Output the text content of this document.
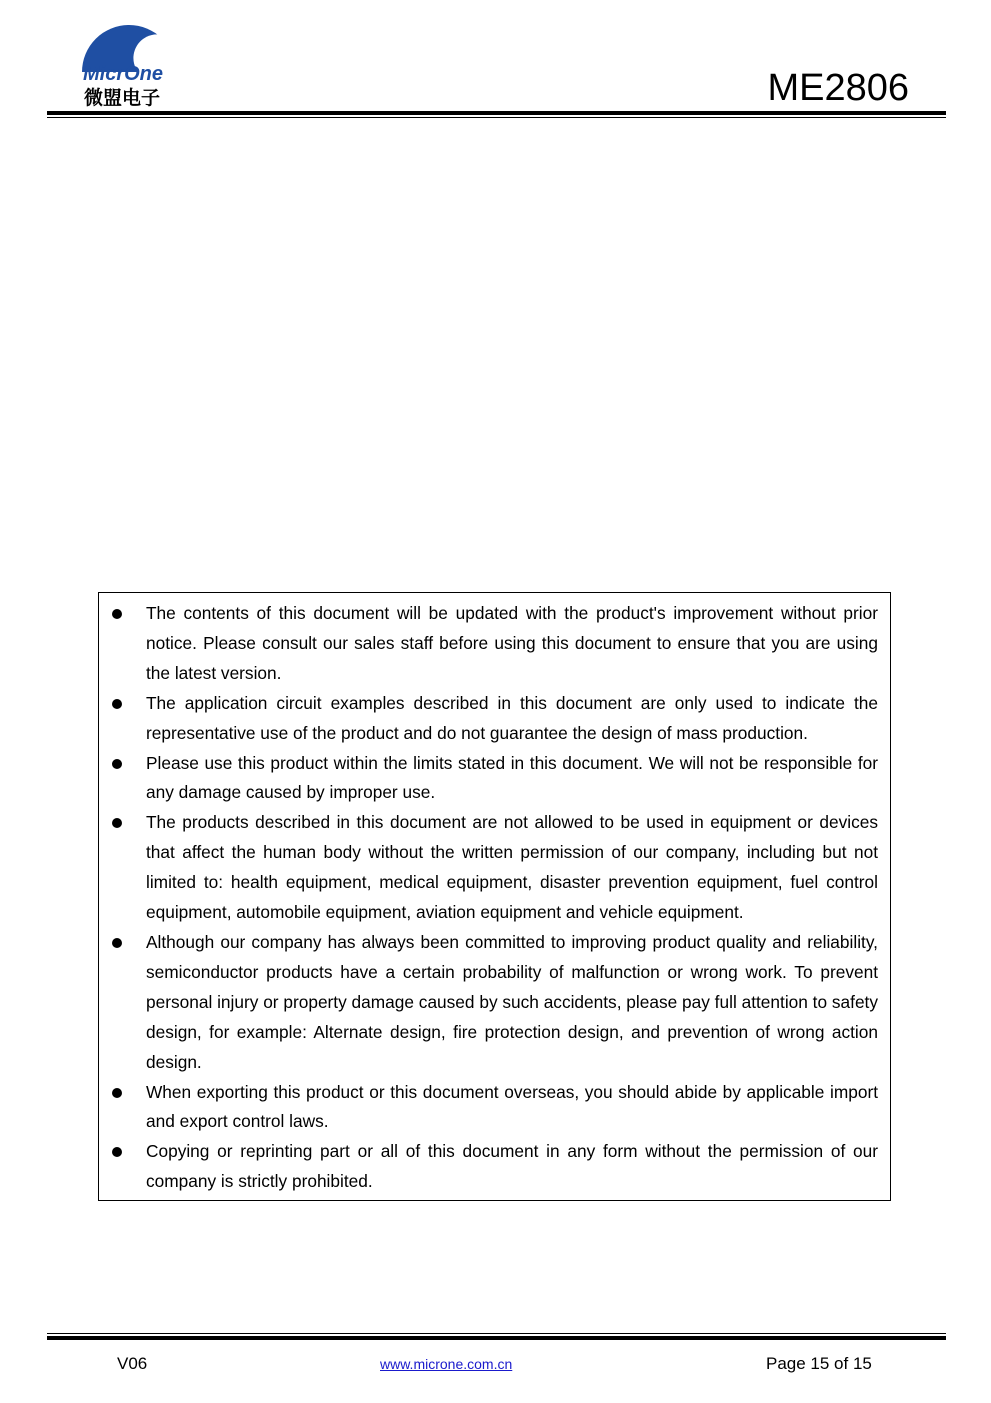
MicrOne
微盟电子	ME2806
The contents of this document will be updated with the product's improvement without prior notice. Please consult our sales staff before using this document to ensure that you are using the latest version.
The application circuit examples described in this document are only used to indicate the representative use of the product and do not guarantee the design of mass production.
Please use this product within the limits stated in this document. We will not be responsible for any damage caused by improper use.
The products described in this document are not allowed to be used in equipment or devices that affect the human body without the written permission of our company, including but not limited to: health equipment, medical equipment, disaster prevention equipment, fuel control equipment, automobile equipment, aviation equipment and vehicle equipment.
Although our company has always been committed to improving product quality and reliability, semiconductor products have a certain probability of malfunction or wrong work. To prevent personal injury or property damage caused by such accidents, please pay full attention to safety design, for example: Alternate design, fire protection design, and prevention of wrong action design.
When exporting this product or this document overseas, you should abide by applicable import and export control laws.
Copying or reprinting part or all of this document in any form without the permission of our company is strictly prohibited.
V06	www.microne.com.cn	Page 15 of 15
